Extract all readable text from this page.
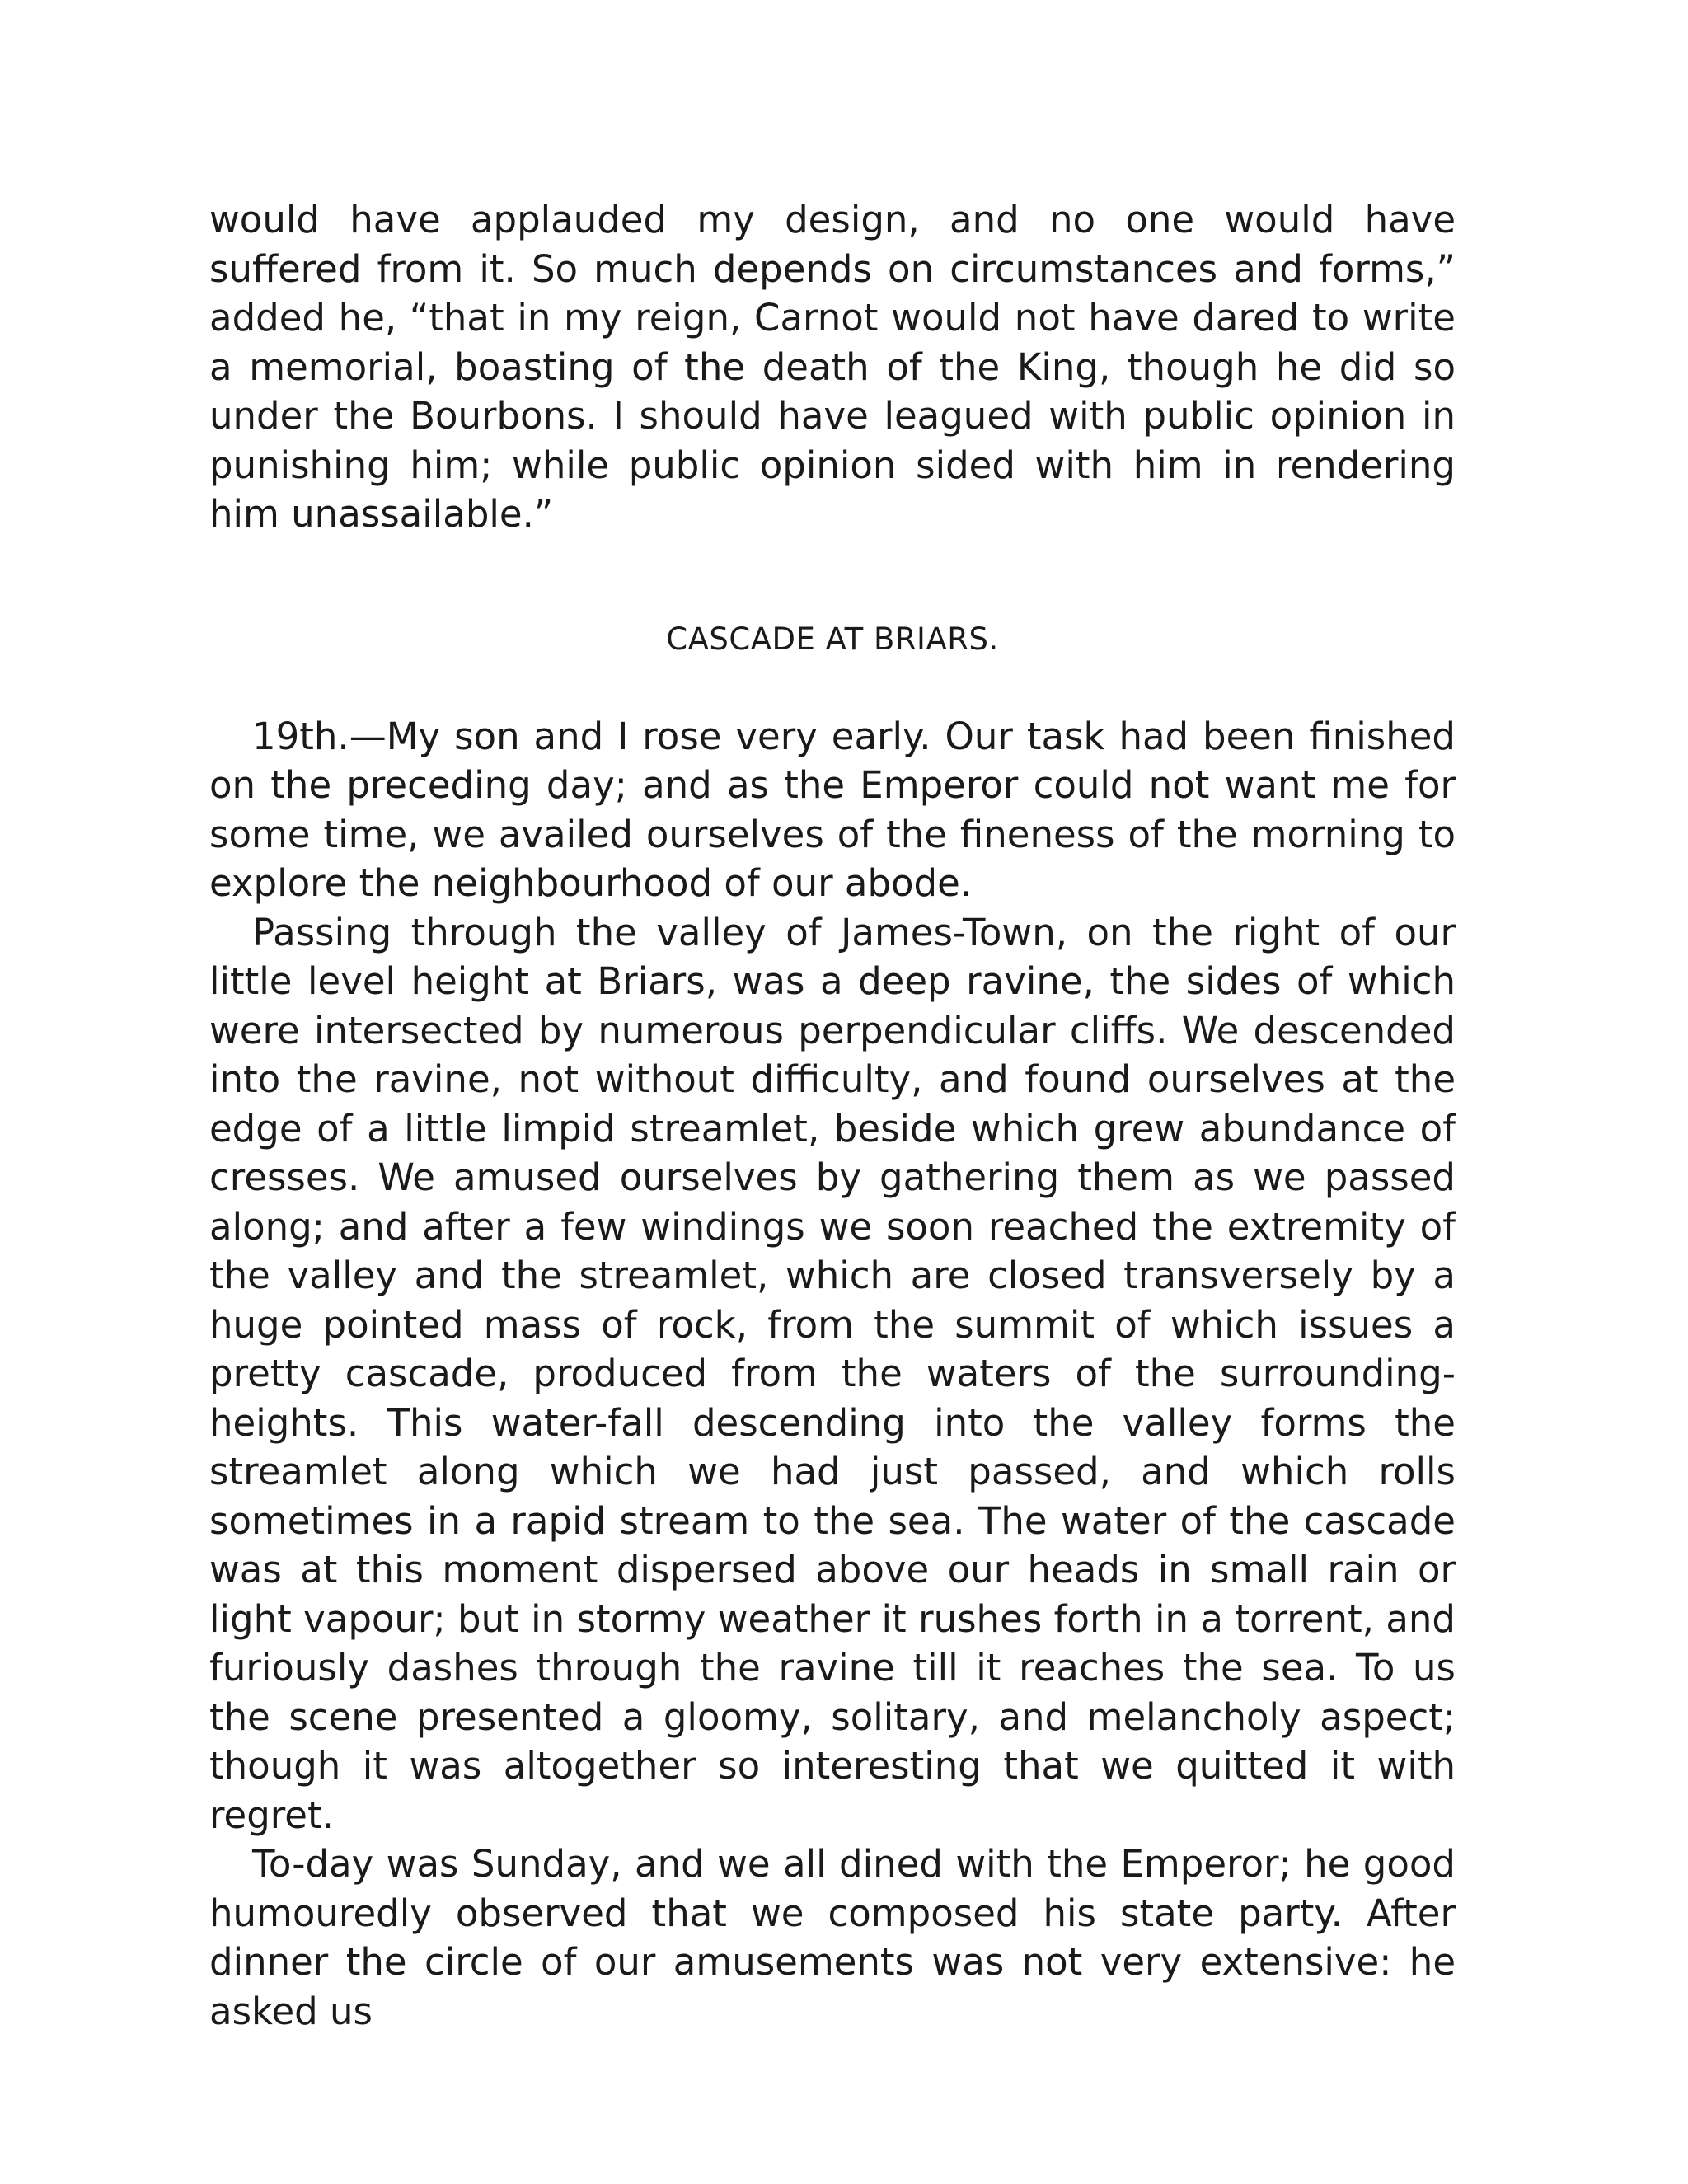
would have applauded my design, and no one would have suffered from it. So much depends on circumstances and forms,” added he, “that in my reign, Carnot would not have dared to write a memorial, boasting of the death of the King, though he did so under the Bourbons. I should have leagued with public opinion in punishing him; while public opinion sided with him in rendering him unassailable.”

CASCADE AT BRIARS.

19th.—My son and I rose very early. Our task had been finished on the preceding day; and as the Emperor could not want me for some time, we availed ourselves of the fineness of the morning to explore the neighbourhood of our abode.

Passing through the valley of James-Town, on the right of our little level height at Briars, was a deep ravine, the sides of which were intersected by numerous perpendicular cliffs. We descended into the ravine, not without difficulty, and found ourselves at the edge of a little limpid streamlet, beside which grew abundance of cresses. We amused ourselves by gathering them as we passed along; and after a few windings we soon reached the extremity of the valley and the streamlet, which are closed transversely by a huge pointed mass of rock, from the summit of which issues a pretty cascade, produced from the waters of the surrounding-heights. This water-fall descending into the valley forms the streamlet along which we had just passed, and which rolls sometimes in a rapid stream to the sea. The water of the cascade was at this moment dispersed above our heads in small rain or light vapour; but in stormy weather it rushes forth in a torrent, and furiously dashes through the ravine till it reaches the sea. To us the scene presented a gloomy, solitary, and melancholy aspect; though it was altogether so interesting that we quitted it with regret.

To-day was Sunday, and we all dined with the Emperor; he good humouredly observed that we composed his state party. After dinner the circle of our amusements was not very extensive: he asked us
